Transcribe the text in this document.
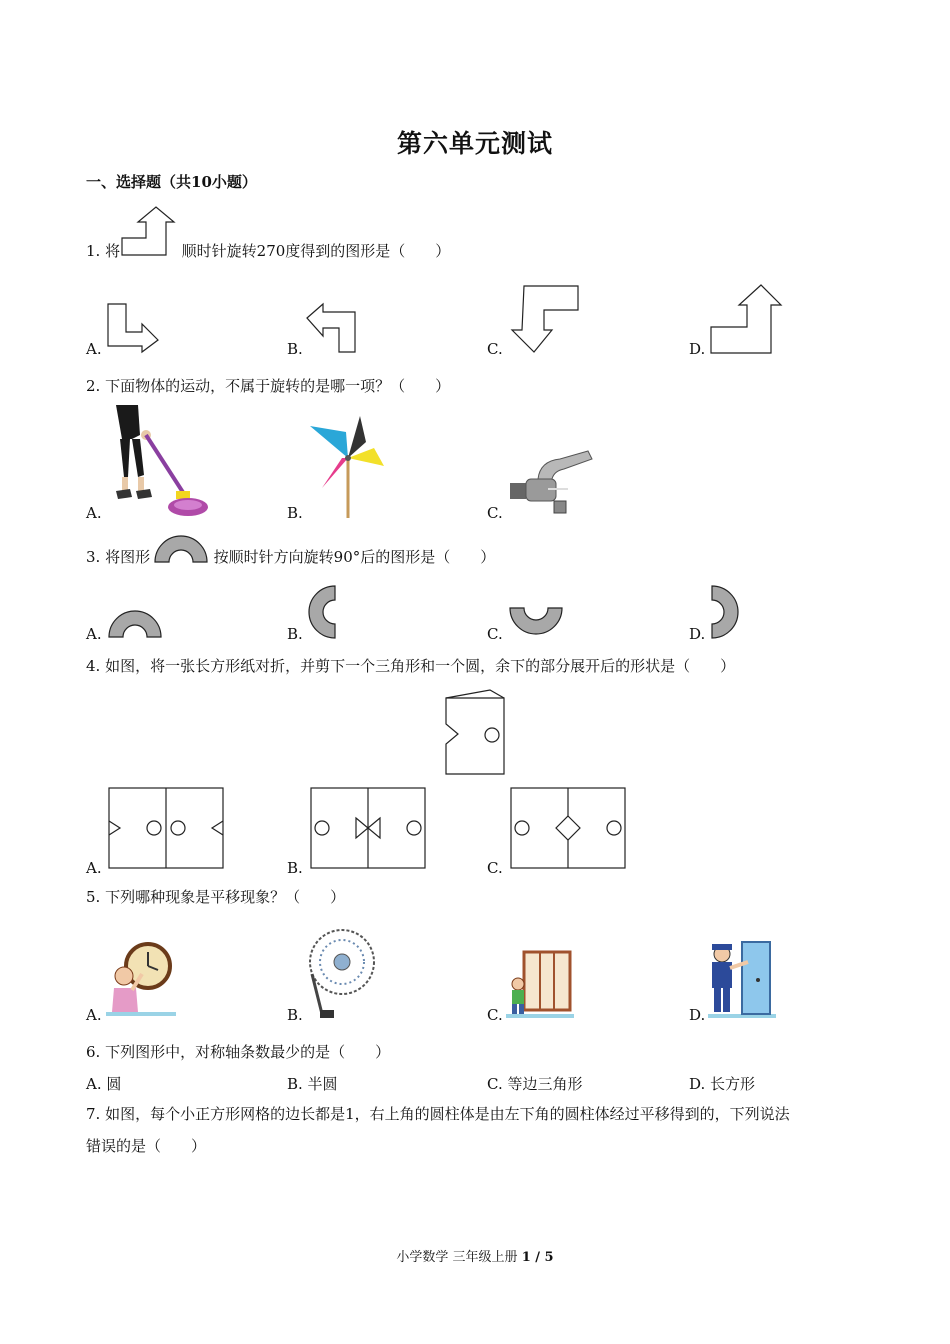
第六单元测试
一、选择题（共10小题）
1. 将	顺时针旋转270度得到的图形是（　　）
A.	B.	C.	D.
2. 下面物体的运动，不属于旋转的是哪一项？（　　）
A.	B.	C.
3. 将图形	按顺时针方向旋转90°后的图形是（　　）
A.	B.	C.	D.
4. 如图，将一张长方形纸对折，并剪下一个三角形和一个圆，余下的部分展开后的形状是（　　）
A.	B.	C.
5. 下列哪种现象是平移现象？（　　）
A.	B.	C.	D.
6. 下列图形中，对称轴条数最少的是（　　）
A. 圆	B. 半圆	C. 等边三角形	D. 长方形
7. 如图，每个小正方形网格的边长都是1，右上角的圆柱体是由左下角的圆柱体经过平移得到的，下列说法
错误的是（　　）
小学数学 三年级上册 1 / 5
